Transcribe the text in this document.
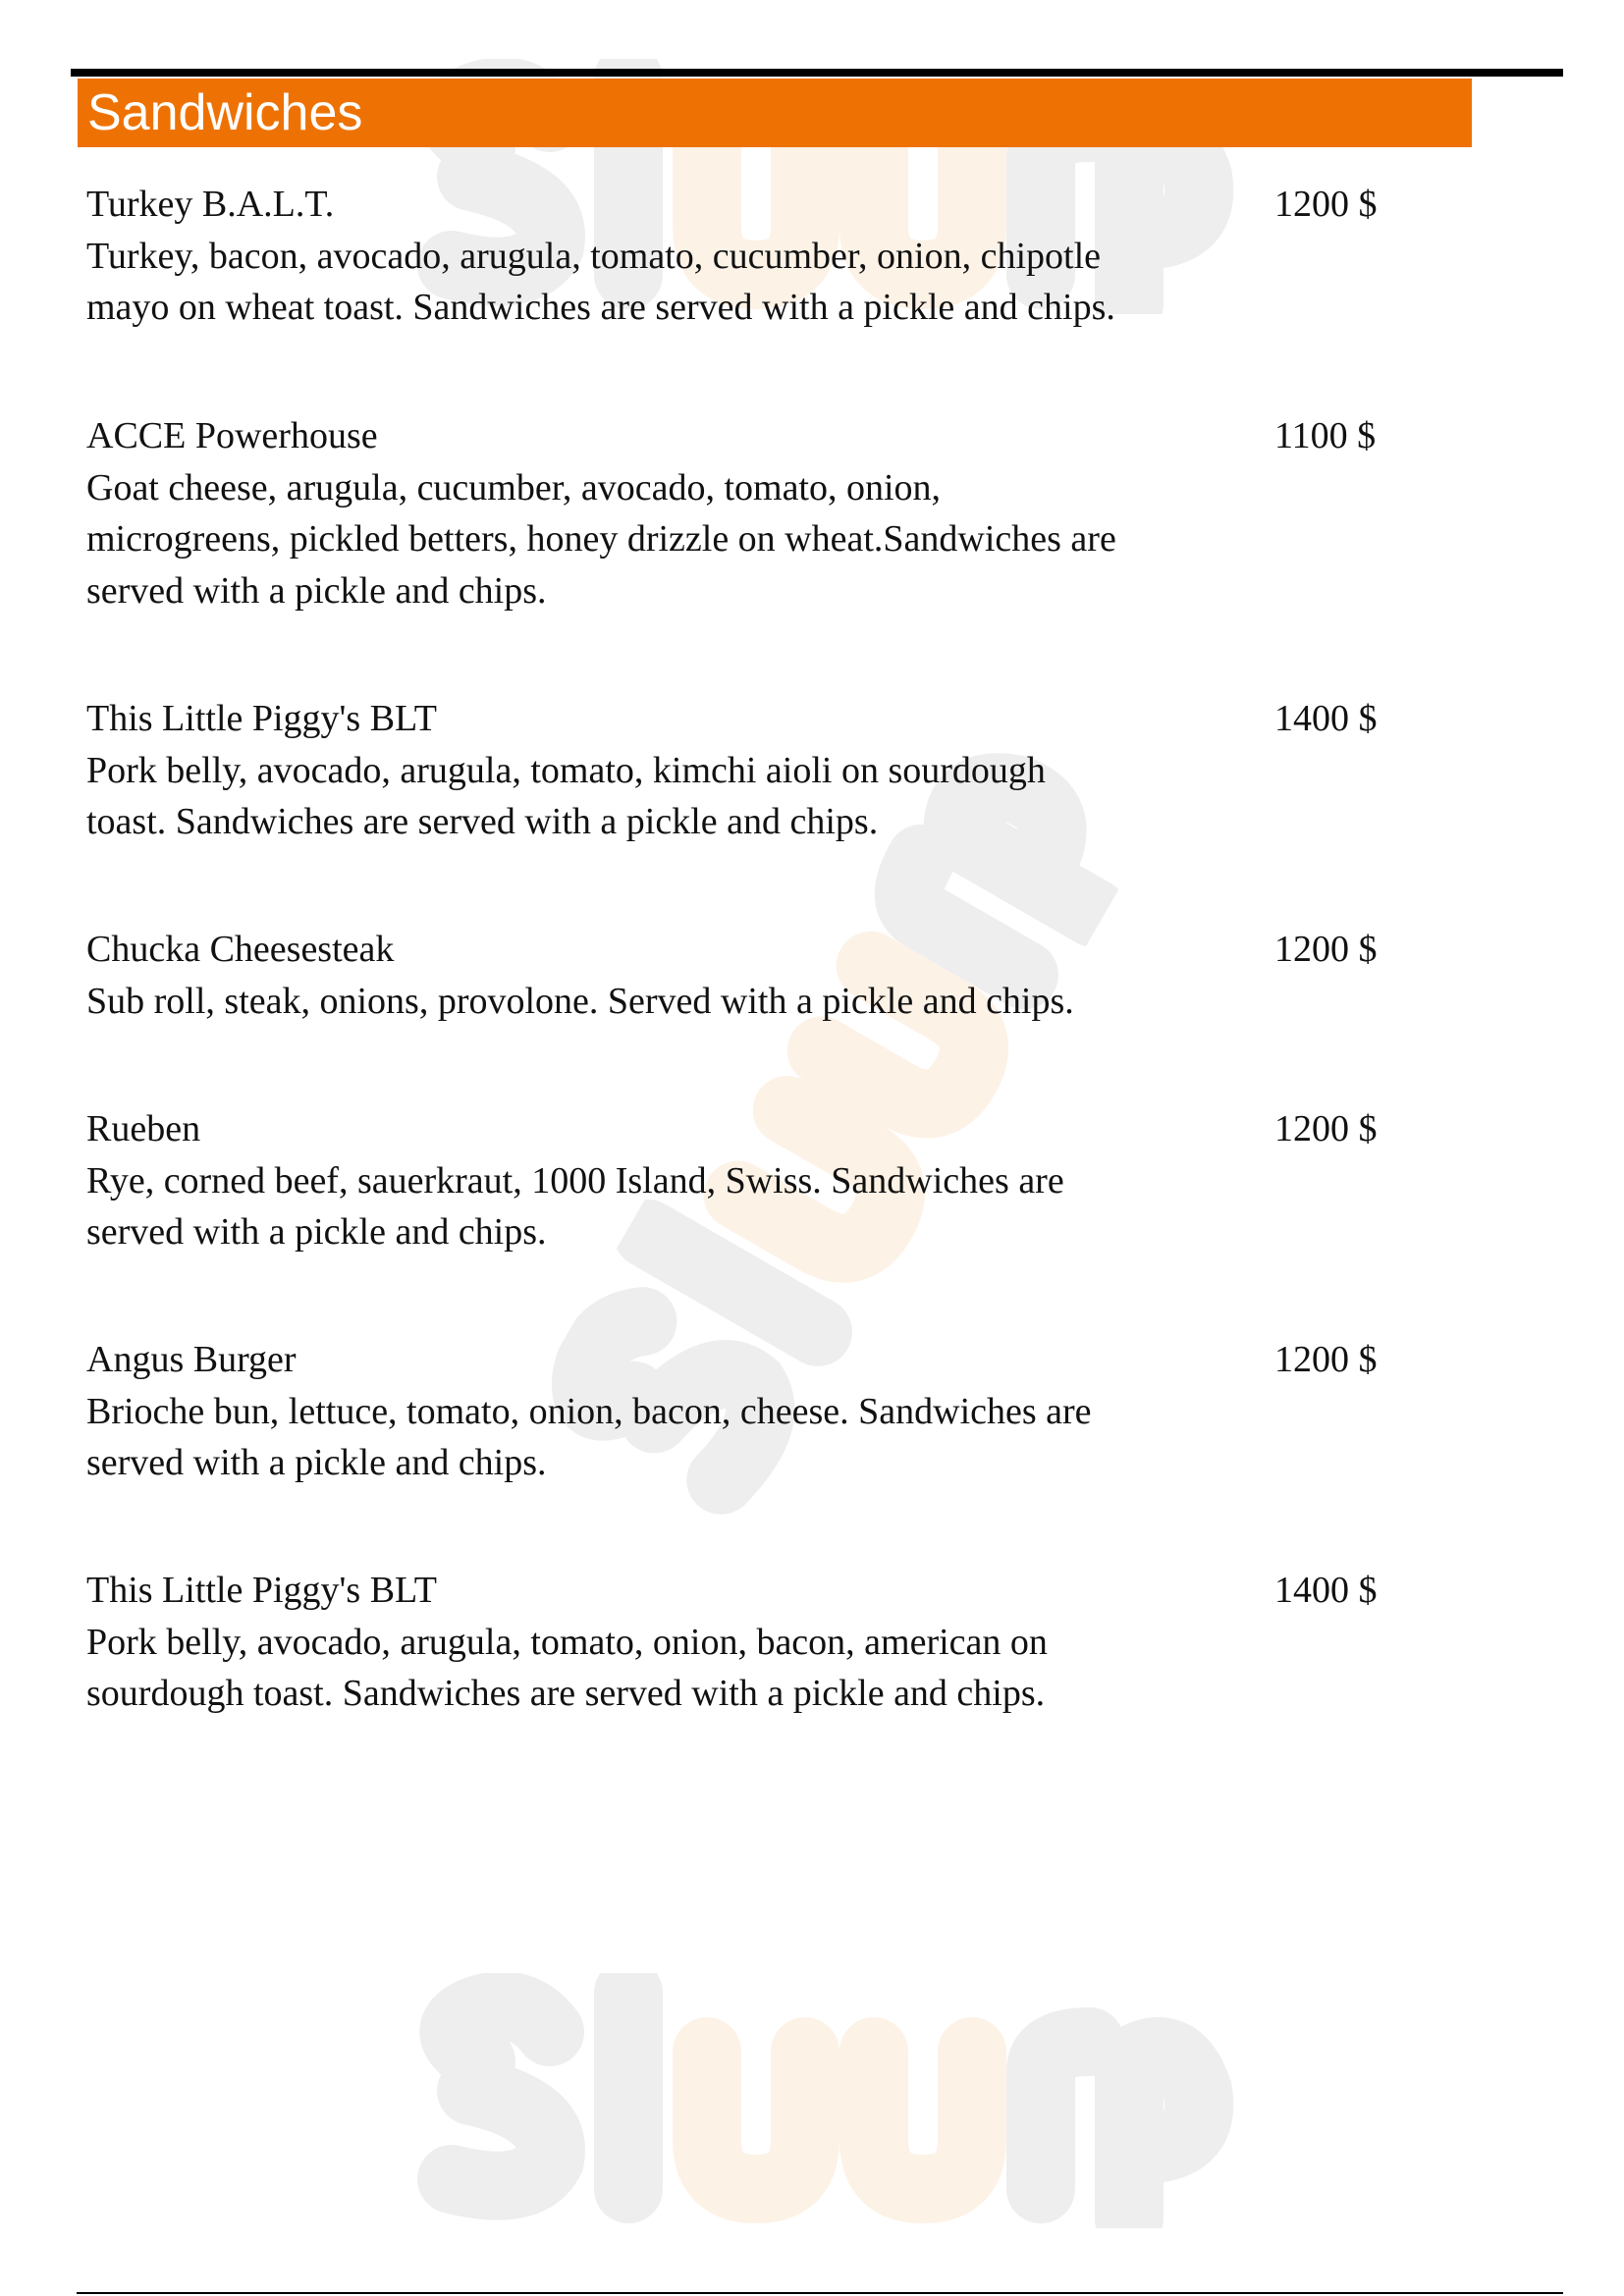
Sandwiches

Turkey B.A.L.T.

Turkey, bacon, avocado, arugula, tomato, cucumber, onion, chipotle

mayo on wheat toast. Sandwiches are served with a pickle and chips.

1200 $

ACCE Powerhouse

Goat cheese, arugula, cucumber, avocado, tomato, onion,

microgreens, pickled betters, honey drizzle on wheat.Sandwiches are

served with a pickle and chips.

1100 $

This Little Piggy's BLT

Pork belly, avocado, arugula, tomato, kimchi aioli on sourdough

toast. Sandwiches are served with a pickle and chips.

1400 $

Chucka Cheesesteak

Sub roll, steak, onions, provolone. Served with a pickle and chips.

1200 $

Rueben

Rye, corned beef, sauerkraut, 1000 Island, Swiss. Sandwiches are

served with a pickle and chips.

1200 $

Angus Burger

Brioche bun, lettuce, tomato, onion, bacon, cheese. Sandwiches are

served with a pickle and chips.

1200 $

This Little Piggy's BLT

Pork belly, avocado, arugula, tomato, onion, bacon, american on

sourdough toast. Sandwiches are served with a pickle and chips.

1400 $
